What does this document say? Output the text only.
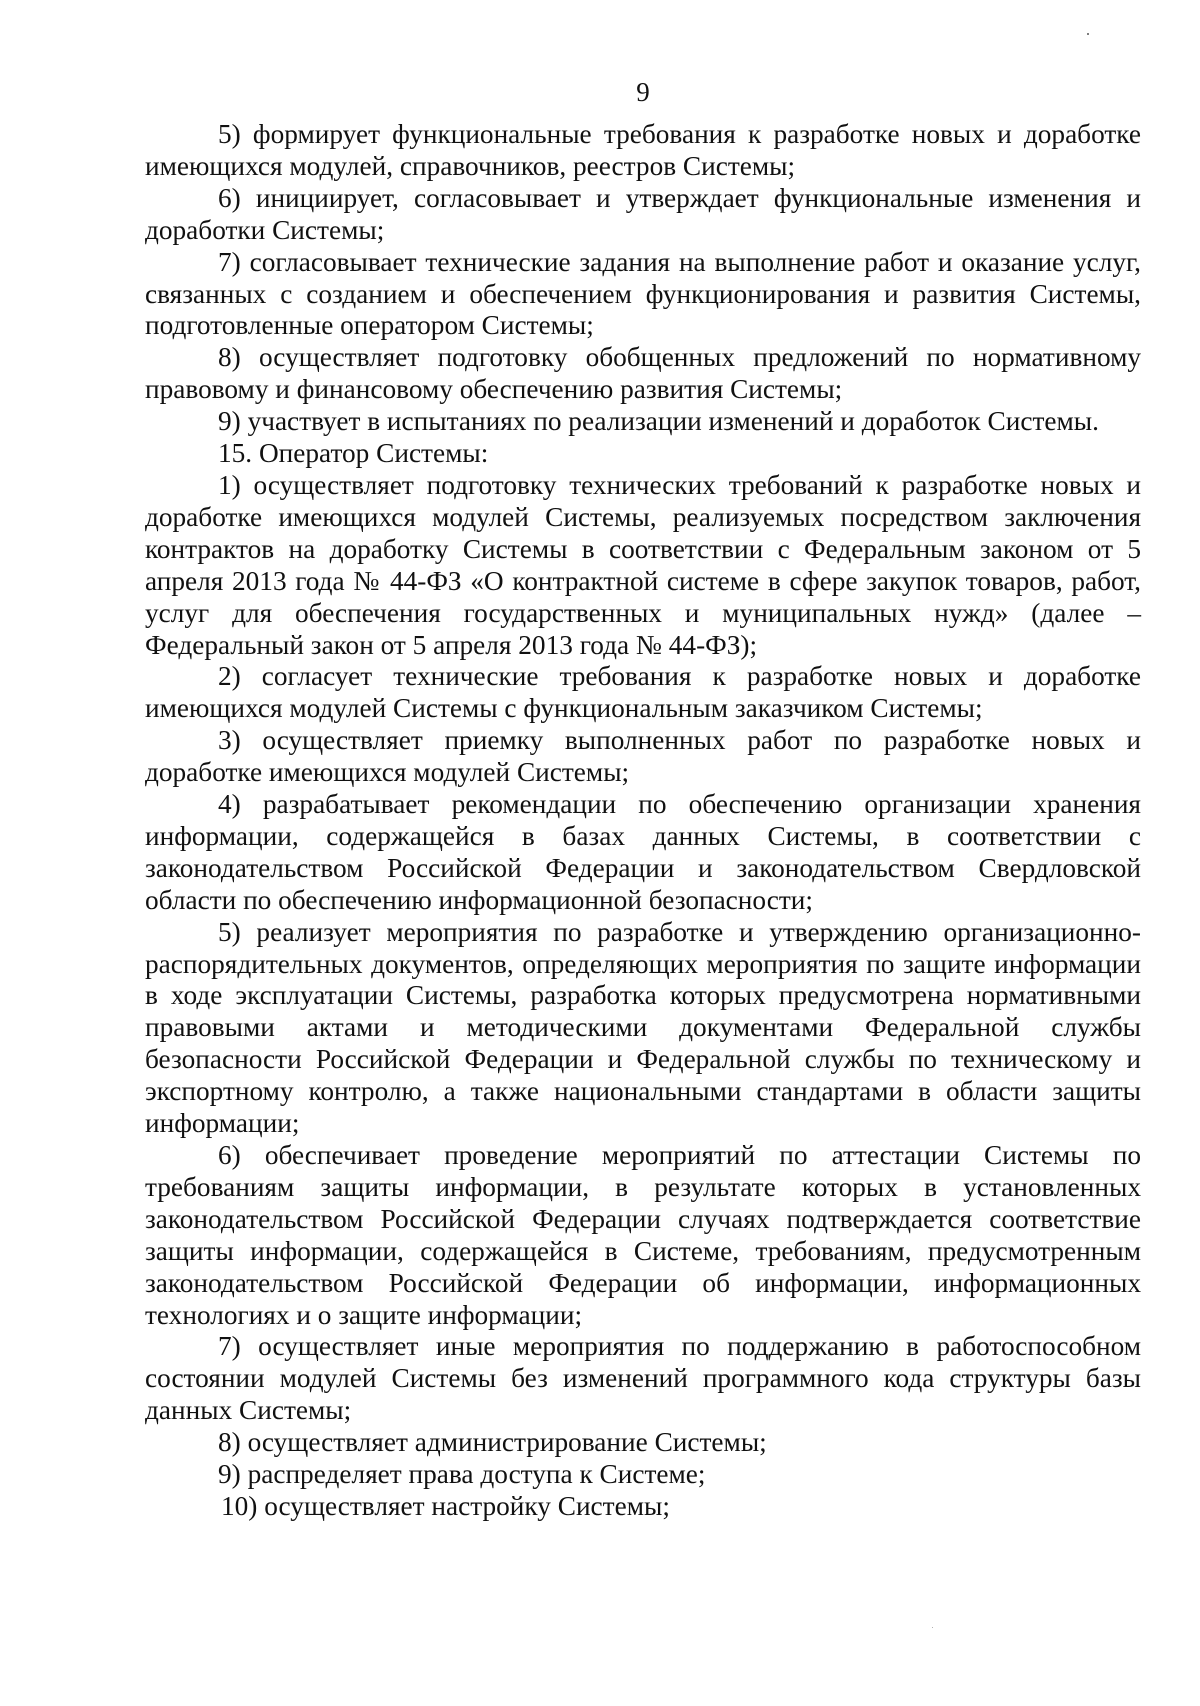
9

5) формирует функциональные требования к разработке новых и доработке имеющихся модулей, справочников, реестров Системы;

6) инициирует, согласовывает и утверждает функциональные изменения и доработки Системы;

7) согласовывает технические задания на выполнение работ и оказание услуг, связанных с созданием и обеспечением функционирования и развития Системы, подготовленные оператором Системы;

8) осуществляет подготовку обобщенных предложений по нормативному правовому и финансовому обеспечению развития Системы;

9) участвует в испытаниях по реализации изменений и доработок Системы.

15. Оператор Системы:

1) осуществляет подготовку технических требований к разработке новых и доработке имеющихся модулей Системы, реализуемых посредством заключения контрактов на доработку Системы в соответствии с Федеральным законом от 5 апреля 2013 года № 44-ФЗ «О контрактной системе в сфере закупок товаров, работ, услуг для обеспечения государственных и муниципальных нужд» (далее – Федеральный закон от 5 апреля 2013 года № 44-ФЗ);

2) согласует технические требования к разработке новых и доработке имеющихся модулей Системы с функциональным заказчиком Системы;

3) осуществляет приемку выполненных работ по разработке новых и доработке имеющихся модулей Системы;

4) разрабатывает рекомендации по обеспечению организации хранения информации, содержащейся в базах данных Системы, в соответствии с законодательством Российской Федерации и законодательством Свердловской области по обеспечению информационной безопасности;

5) реализует мероприятия по разработке и утверждению организационно-распорядительных документов, определяющих мероприятия по защите информации в ходе эксплуатации Системы, разработка которых предусмотрена нормативными правовыми актами и методическими документами Федеральной службы безопасности Российской Федерации и Федеральной службы по техническому и экспортному контролю, а также национальными стандартами в области защиты информации;

6) обеспечивает проведение мероприятий по аттестации Системы по требованиям защиты информации, в результате которых в установленных законодательством Российской Федерации случаях подтверждается соответствие защиты информации, содержащейся в Системе, требованиям, предусмотренным законодательством Российской Федерации об информации, информационных технологиях и о защите информации;

7) осуществляет иные мероприятия по поддержанию в работоспособном состоянии модулей Системы без изменений программного кода структуры базы данных Системы;

8) осуществляет администрирование Системы;

9) распределяет права доступа к Системе;

10) осуществляет настройку Системы;
